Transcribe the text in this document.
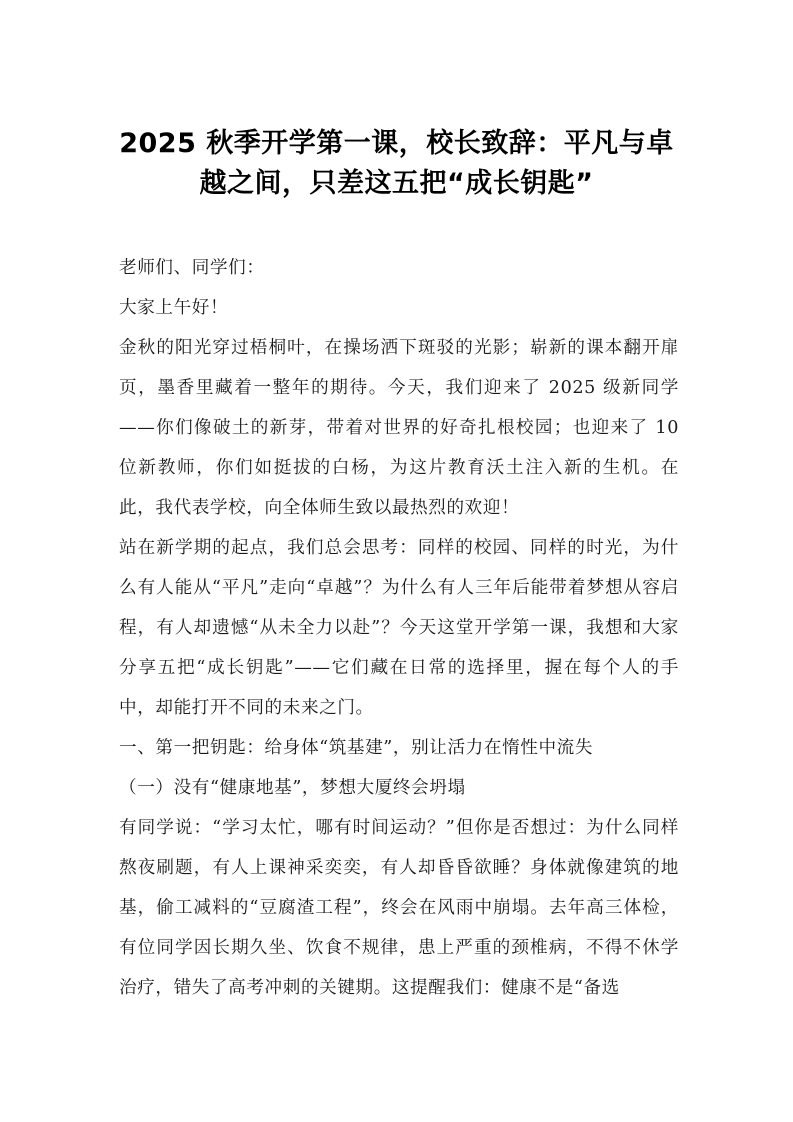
2025 秋季开学第一课，校长致辞：平凡与卓越之间，只差这五把“成长钥匙”

老师们、同学们：

大家上午好！

金秋的阳光穿过梧桐叶，在操场洒下斑驳的光影；崭新的课本翻开扉页，墨香里藏着一整年的期待。今天，我们迎来了 2025 级新同学——你们像破土的新芽，带着对世界的好奇扎根校园；也迎来了 10 位新教师，你们如挺拔的白杨，为这片教育沃土注入新的生机。在此，我代表学校，向全体师生致以最热烈的欢迎！

站在新学期的起点，我们总会思考：同样的校园、同样的时光，为什么有人能从“平凡”走向“卓越”？为什么有人三年后能带着梦想从容启程，有人却遗憾“从未全力以赴”？今天这堂开学第一课，我想和大家分享五把“成长钥匙”——它们藏在日常的选择里，握在每个人的手中，却能打开不同的未来之门。

一、第一把钥匙：给身体“筑基建”，别让活力在惰性中流失

（一）没有“健康地基”，梦想大厦终会坍塌

有同学说：“学习太忙，哪有时间运动？”但你是否想过：为什么同样熬夜刷题，有人上课神采奕奕，有人却昏昏欲睡？身体就像建筑的地基，偷工减料的“豆腐渣工程”，终会在风雨中崩塌。去年高三体检，有位同学因长期久坐、饮食不规律，患上严重的颈椎病，不得不休学治疗，错失了高考冲刺的关键期。这提醒我们：健康不是“备选
